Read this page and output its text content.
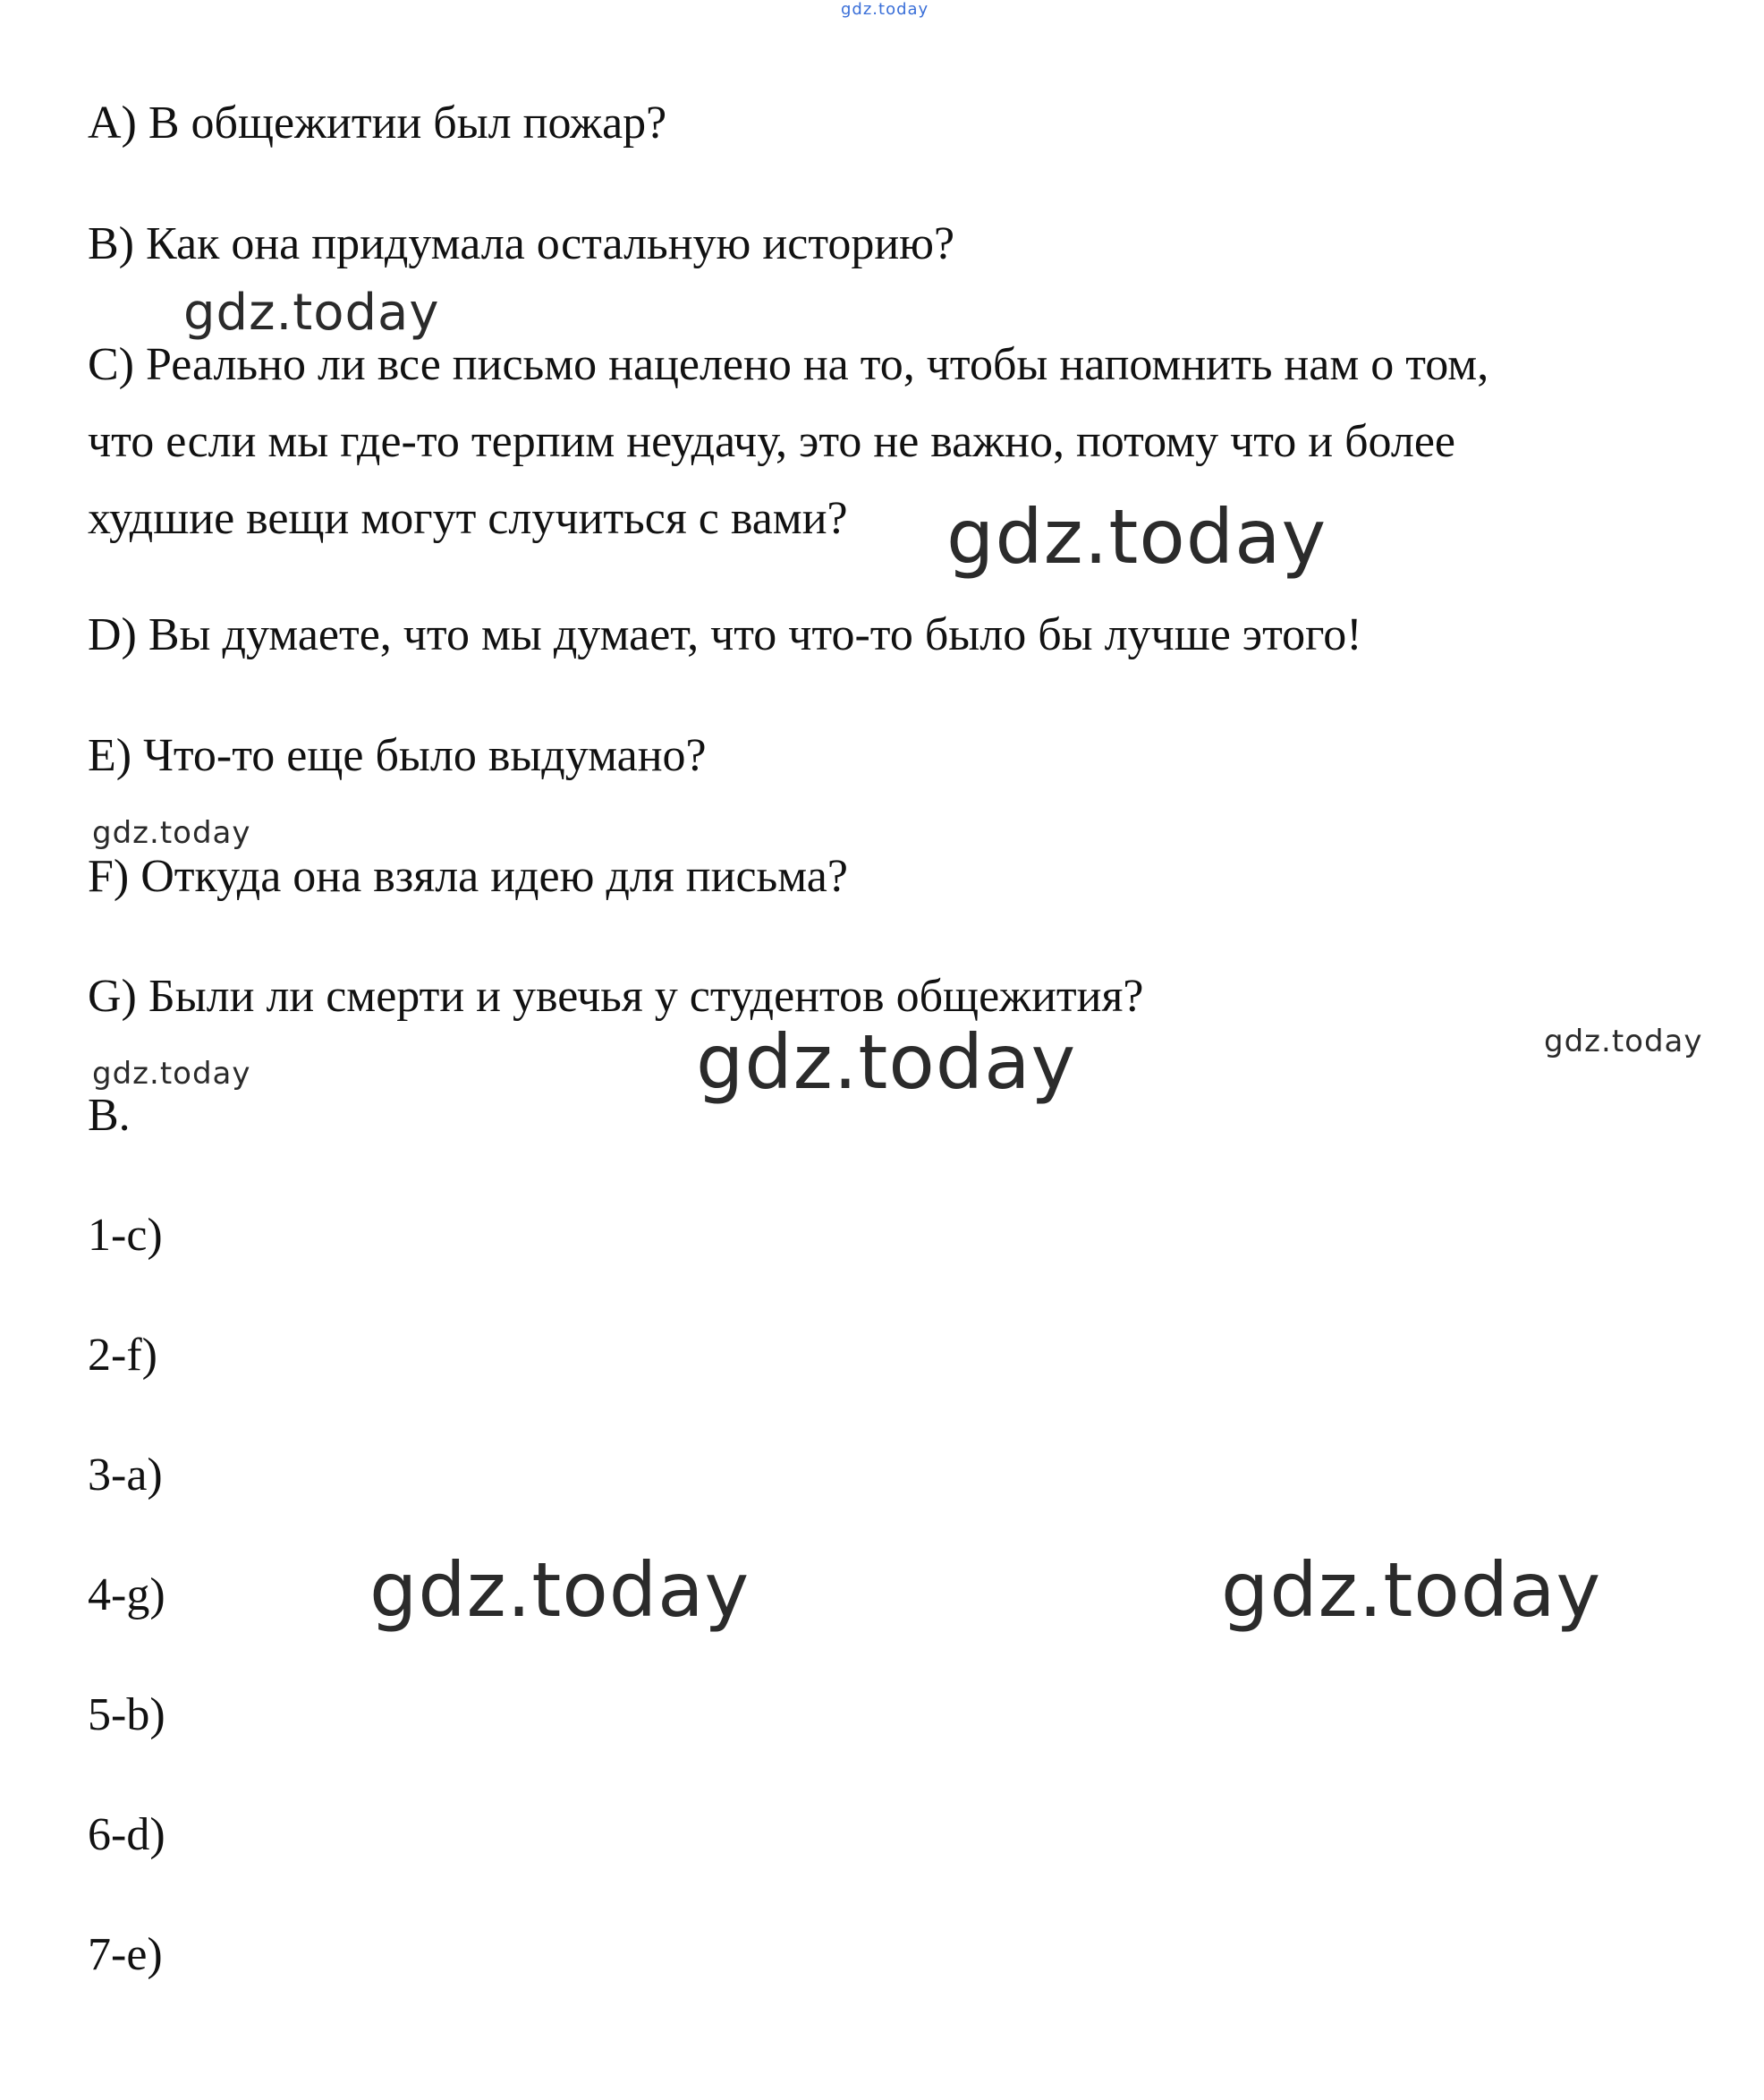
gdz.today
gdz.today
gdz.today
gdz.today
gdz.today
gdz.today	gdz.today
gdz.today	gdz.today

A) В общежитии был пожар?

B) Как она придумала остальную историю?

C) Реально ли все письмо нацелено на то, чтобы напомнить нам о том,

что если мы где-то терпим неудачу, это не важно, потому что и более

худшие вещи могут случиться с вами?

D) Вы думаете, что мы думает, что что-то было бы лучше этого!

E) Что-то еще было выдумано?

F) Откуда она взяла идею для письма?

G) Были ли смерти и увечья у студентов общежития?

B.

1-c)

2-f)

3-a)

4-g)

5-b)

6-d)

7-e)
